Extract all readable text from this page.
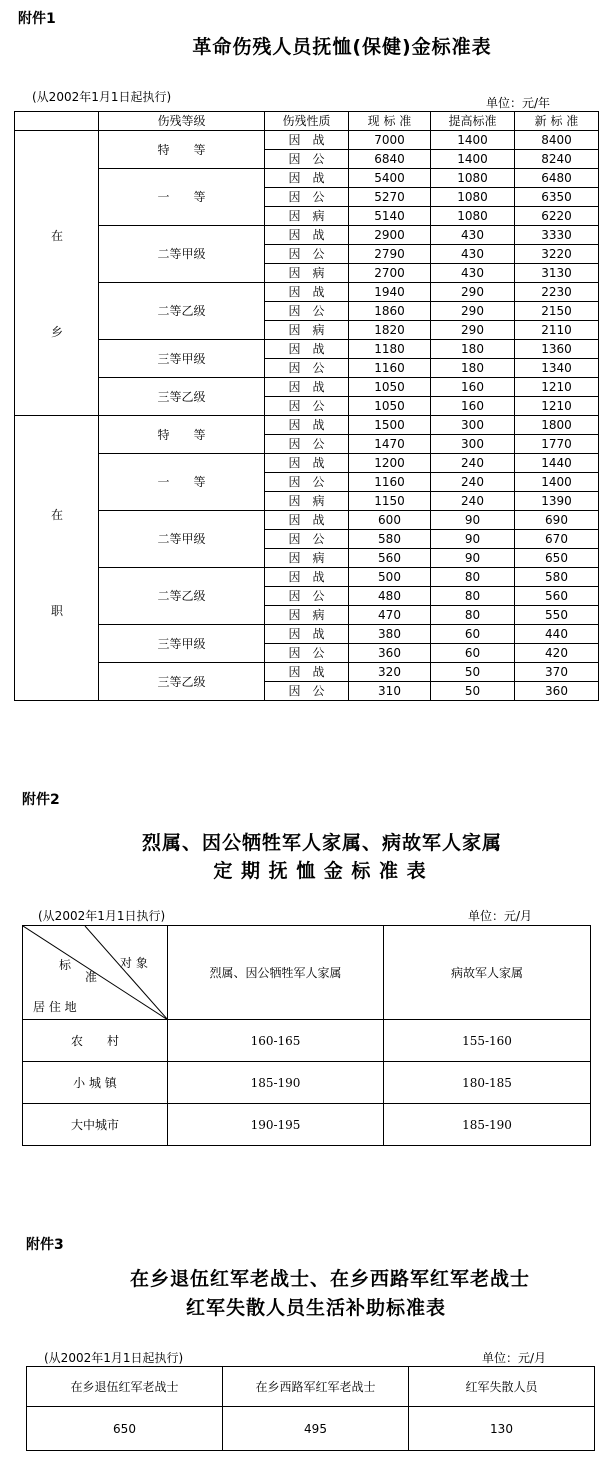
附件1
革命伤残人员抚恤(保健)金标准表
(从2002年1月1日起执行)	单位：元/年
	伤残等级	伤残性质	现 标 准	提高标准	新 标 准

在
乡	特　　等	因　战	7000	1400	8400
		因　公	6840	1400	8240
	一　　等	因　战	5400	1080	6480
		因　公	5270	1080	6350
		因　病	5140	1080	6220
	二等甲级	因　战	2900	430	3330
		因　公	2790	430	3220
		因　病	2700	430	3130
	二等乙级	因　战	1940	290	2230
		因　公	1860	290	2150
		因　病	1820	290	2110
	三等甲级	因　战	1180	180	1360
		因　公	1160	180	1340
	三等乙级	因　战	1050	160	1210
		因　公	1050	160	1210

在
职	特　　等	因　战	1500	300	1800
		因　公	1470	300	1770
	一　　等	因　战	1200	240	1440
		因　公	1160	240	1400
		因　病	1150	240	1390
	二等甲级	因　战	600	90	690
		因　公	580	90	670
		因　病	560	90	650
	二等乙级	因　战	500	80	580
		因　公	480	80	560
		因　病	470	80	550
	三等甲级	因　战	380	60	440
		因　公	360	60	420
	三等乙级	因　战	320	50	370
		因　公	310	50	360
附件2
烈属、因公牺牲军人家属、病故军人家属
定 期 抚 恤 金 标 准 表
(从2002年1月1日执行)	单位：元/月
标
准
对 象
居 住 地	烈属、因公牺牲军人家属	病故军人家属
农　　村	160-165	155-160
小 城 镇	185-190	180-185
大中城市	190-195	185-190
附件3
在乡退伍红军老战士、在乡西路军红军老战士
红军失散人员生活补助标准表
(从2002年1月1日起执行)	单位：元/月
在乡退伍红军老战士	在乡西路军红军老战士	红军失散人员
650	495	130
